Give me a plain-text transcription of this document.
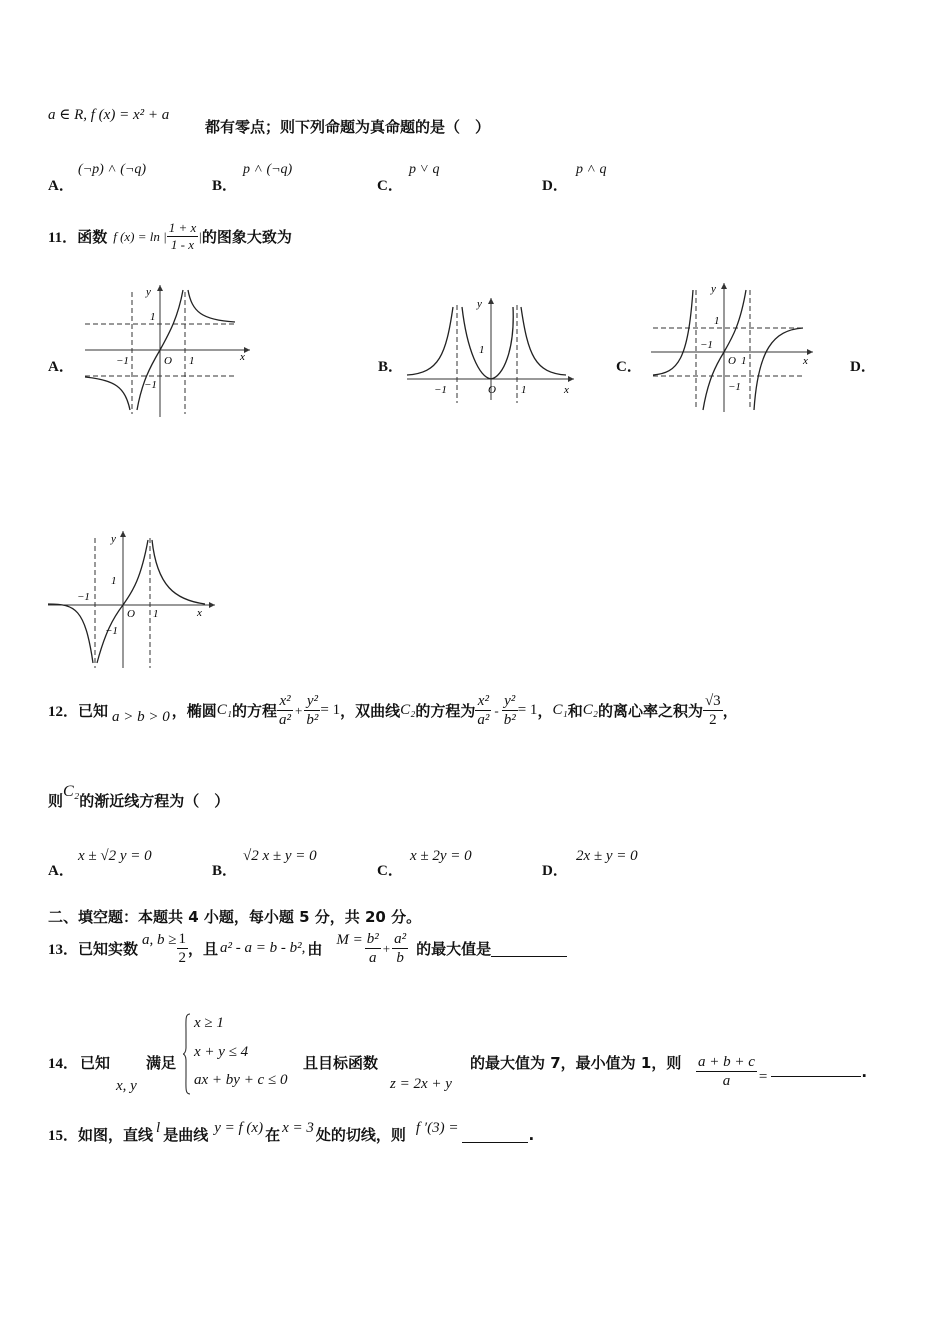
a ∈ R, f (x) = x² + a
都有零点；则下列命题为真命题的是（　）
A．
(¬p) ˄ (¬q)
B．
p ˄ (¬q)
C．
p ˅ q
D．
p ˄ q
11． 函数 f (x) = ln | $\frac{1 + x}{1 - x}$ | 的图象大致为
A．
y
x
1
−1	O 1
−1
B．
y
x
1
−1	O 1
C．
y
x
1
−1
O 1
−1
D．
y
x
1
−1
O 1
−1
12． 已知 a > b > 0 ，椭圆 C₁ 的方程 $\frac{\text{x²}}{\text{a²}} + \frac{\text{y²}}{\text{b²}} = 1$ ，双曲线 C₂ 的方程为 $\frac{\text{x²}}{\text{a²}} - \frac{\text{y²}}{\text{b²}} = 1$ ， C₁ 和 C₂ 的离心率之积为 $\frac{√3}{2}$ ，
则
C₂
的渐近线方程为（　）
A．
x ± √2 y = 0
B．
√2 x ± y = 0
C．
x ± 2y = 0
D．
2x ± y = 0
二、填空题：本题共 4 小题，每小题 5 分，共 20 分。
13． 已知实数 a, $b \ge \frac{1}{2}$ ，且 a² - a = b - b², 由 $M = \frac{\text{b²}}{a} + \frac{\text{a²}}{b}$ 的最大值是
14． 已知
x, y
满足
x ≥ 1
x + y ≤ 4
ax + by + c ≤ 0
且目标函数
z = 2x + y
的最大值为 7，最小值为 1，则 $\frac{a + b + c}{a}$ =	.
15． 如图，直线 l 是曲线 y = f (x) 在 x = 3 处的切线，则 f ′(3) =	.
